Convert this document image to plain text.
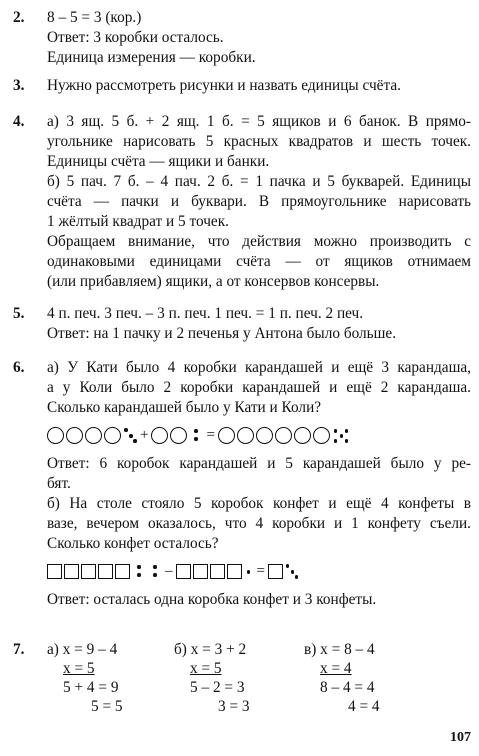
2. 8 – 5 = 3 (кор.)
Ответ: 3 коробки осталось.
Единица измерения — коробки.
3. Нужно рассмотреть рисунки и назвать единицы счёта.
4. а) 3 ящ. 5 б. + 2 ящ. 1 б. = 5 ящиков и 6 банок. В прямо-
угольнике нарисовать 5 красных квадратов и шесть точек.
Единицы счёта — ящики и банки.
б) 5 пач. 7 б. – 4 пач. 2 б. = 1 пачка и 5 букварей. Единицы
счёта — пачки и буквари. В прямоугольнике нарисовать
1 жёлтый квадрат и 5 точек.
Обращаем внимание, что действия можно производить с
одинаковыми единицами счёта — от ящиков отнимаем
(или прибавляем) ящики, а от консервов консервы.
5. 4 п. печ. 3 печ. – 3 п. печ. 1 печ. = 1 п. печ. 2 печ.
Ответ: на 1 пачку и 2 печенья у Антона было больше.
6. а) У Кати было 4 коробки карандашей и ещё 3 карандаша,
а у Коли было 2 коробки карандашей и ещё 2 карандаша.
Сколько карандашей было у Кати и Коли?
+	=
Ответ: 6 коробок карандашей и 5 карандашей было у ре-
бят.
б) На столе стояло 5 коробок конфет и ещё 4 конфеты в
вазе, вечером оказалось, что 4 коробки и 1 конфету съели.
Сколько конфет осталось?
–	=
Ответ: осталась одна коробка конфет и 3 конфеты.
7. а) x = 9 – 4
x = 5
5 + 4 = 9
5 = 5
б) x = 3 + 2
x = 5
5 – 2 = 3
3 = 3
в) x = 8 – 4
x = 4
8 – 4 = 4
4 = 4
107
